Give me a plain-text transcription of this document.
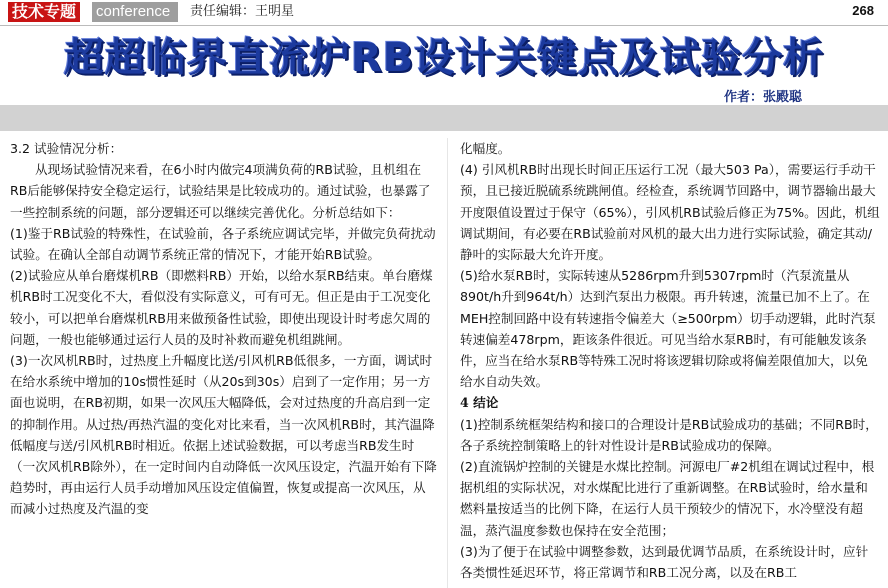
技术专题 conference	责任编辑：王明星	268
超超临界直流炉RB设计关键点及试验分析
作者：张殿聪

3.2 试验情况分析：

从现场试验情况来看，在6小时内做完4项满负荷的RB试验，且机组在RB后能够保持安全稳定运行，试验结果是比较成功的。通过试验，也暴露了一些控制系统的问题，部分逻辑还可以继续完善优化。分析总结如下：

(1)鉴于RB试验的特殊性，在试验前，各子系统应调试完毕，并做完负荷扰动试验。在确认全部自动调节系统正常的情况下，才能开始RB试验。

(2)试验应从单台磨煤机RB（即燃料RB）开始，以给水泵RB结束。单台磨煤机RB时工况变化不大，看似没有实际意义，可有可无。但正是由于工况变化较小，可以把单台磨煤机RB用来做预备性试验，即使出现设计时考虑欠周的问题，一般也能够通过运行人员的及时补救而避免机组跳闸。

(3)一次风机RB时，过热度上升幅度比送/引风机RB低很多，一方面，调试时在给水系统中增加的10s惯性延时（从20s到30s）启到了一定作用；另一方面也说明，在RB初期，如果一次风压大幅降低，会对过热度的升高启到一定的抑制作用。从过热/再热汽温的变化对比来看，当一次风机RB时，其汽温降低幅度与送/引风机RB时相近。依据上述试验数据，可以考虑当RB发生时（一次风机RB除外），在一定时间内自动降低一次风压设定，汽温开始有下降趋势时，再由运行人员手动增加风压设定值偏置，恢复或提高一次风压，从而减小过热度及汽温的变

化幅度。

(4) 引风机RB时出现长时间正压运行工况（最大503 Pa），需要运行手动干预，且已接近脱硫系统跳闸值。经检查，系统调节回路中，调节器输出最大开度限值设置过于保守（65%），引风机RB试验后修正为75%。因此，机组调试期间，有必要在RB试验前对风机的最大出力进行实际试验，确定其动/静叶的实际最大允许开度。

(5)给水泵RB时，实际转速从5286rpm升到5307rpm时（汽泵流量从890t/h升到964t/h）达到汽泵出力极限。再升转速，流量已加不上了。在MEH控制回路中设有转速指令偏差大（≥500rpm）切手动逻辑，此时汽泵转速偏差478rpm，距该条件很近。可见当给水泵RB时，有可能触发该条件，应当在给水泵RB等特殊工况时将该逻辑切除或将偏差限值加大，以免给水自动失效。

4 结论

(1)控制系统框架结构和接口的合理设计是RB试验成功的基础；不同RB时，各子系统控制策略上的针对性设计是RB试验成功的保障。

(2)直流锅炉控制的关键是水煤比控制。河源电厂#2机组在调试过程中，根据机组的实际状况，对水煤配比进行了重新调整。在RB试验时，给水量和燃料量按适当的比例下降，在运行人员干预较少的情况下，水冷壁没有超温，蒸汽温度参数也保持在安全范围；

(3)为了便于在试验中调整参数，达到最优调节品质，在系统设计时，应针各类惯性延迟环节，将正常调节和RB工况分离，以及在RB工
